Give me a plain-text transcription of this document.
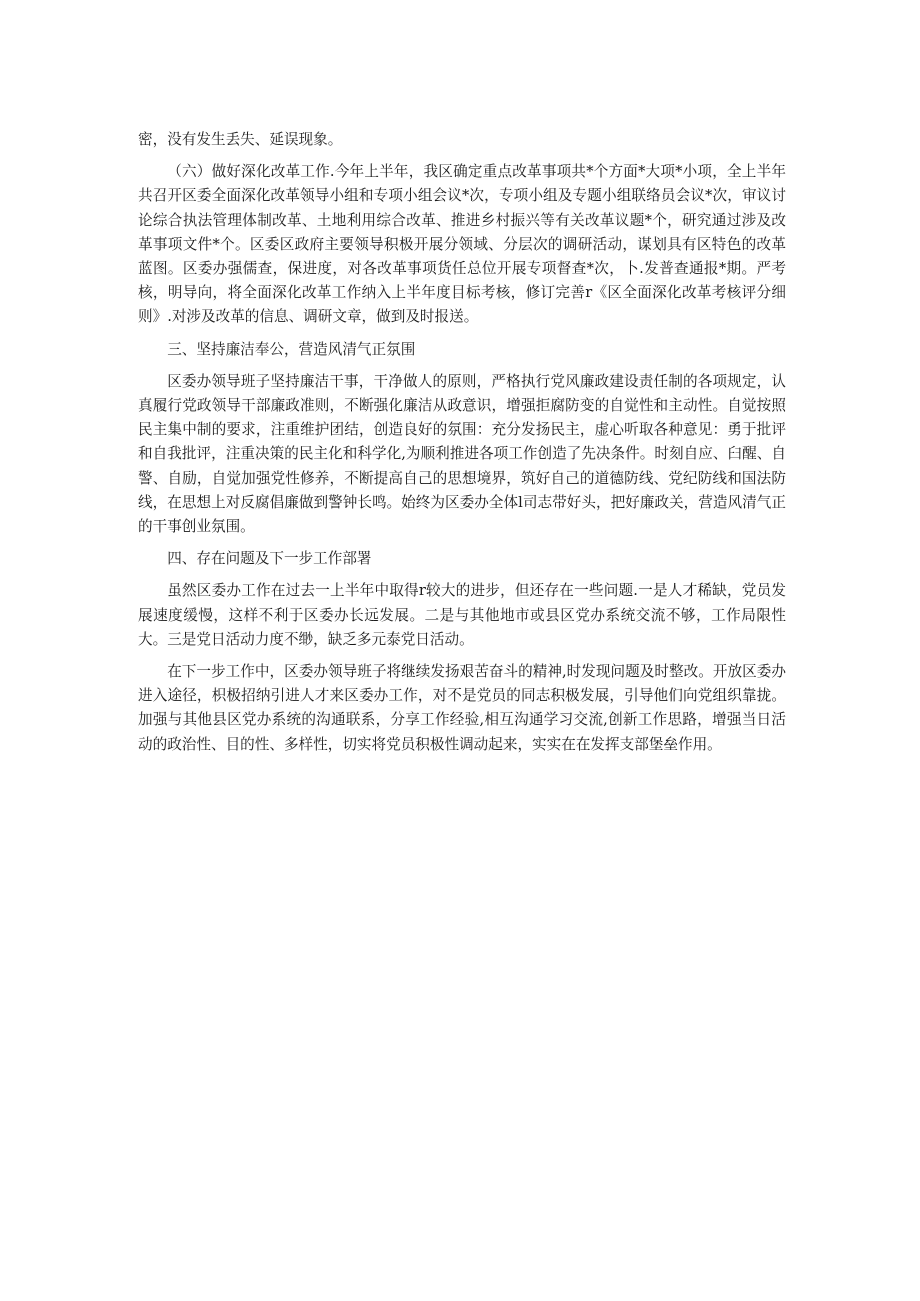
密，没有发生丢失、延误现象。

（六）做好深化改革工作.今年上半年，我区确定重点改革事项共*个方面*大项*小项，全上半年共召开区委全面深化改革领导小组和专项小组会议*次，专项小组及专题小组联络员会议*次，审议讨论综合执法管理体制改革、土地利用综合改革、推进乡村振兴等有关改革议题*个，研究通过涉及改革事项文件*个。区委区政府主要领导积极开展分领域、分层次的调研活动，谋划具有区特色的改革蓝图。区委办强儒查，保进度，对各改革事项货任总位开展专项督查*次，卜.发普查通报*期。严考核，明导向，将全面深化改革工作纳入上半年度目标考核，修订完善r《区全面深化改革考核评分细则》.对涉及改革的信息、调研文章，做到及时报送。

三、坚持廉洁奉公，营造风清气正氛围

区委办领导班子坚持廉洁干事，干净做人的原则，严格执行党风廉政建设责任制的各项规定，认真履行党政领导干部廉政准则，不断强化廉洁从政意识，增强拒腐防变的自觉性和主动性。自觉按照民主集中制的要求，注重维护团结，创造良好的氛围：充分发扬民主，虚心听取各种意见：勇于批评和自我批评，注重决策的民主化和科学化,为顺利推进各项工作创造了先决条件。时刻自应、臼醒、自警、自励，自觉加强党性修养，不断提高自己的思想境界，筑好自己的道德防线、党纪防线和国法防线，在思想上对反腐倡廉做到警钟长鸣。始终为区委办全体l司志带好头，把好廉政关，营造风清气正的干事创业氛围。

四、存在问题及下一步工作部署

虽然区委办工作在过去一上半年中取得r较大的进步，但还存在一些问题.一是人才稀缺，党员发展速度缓慢，这样不利于区委办长远发展。二是与其他地市或县区党办系统交流不够，工作局限性大。三是党日活动力度不缈，缺乏多元泰党日活动。

在下一步工作中，区委办领导班子将继续发扬艰苦奋斗的精神,时发现问题及时整改。开放区委办进入途径，枳极招纳引进人才来区委办工作，对不是党员的同志积极发展，引导他们向党组织靠拢。加强与其他县区党办系统的沟通联系，分享工作经验,相互沟通学习交流,创新工作思路，增强当日活动的政治性、目的性、多样性，切实将党员积极性调动起来，实实在在发挥支部堡垒作用。
